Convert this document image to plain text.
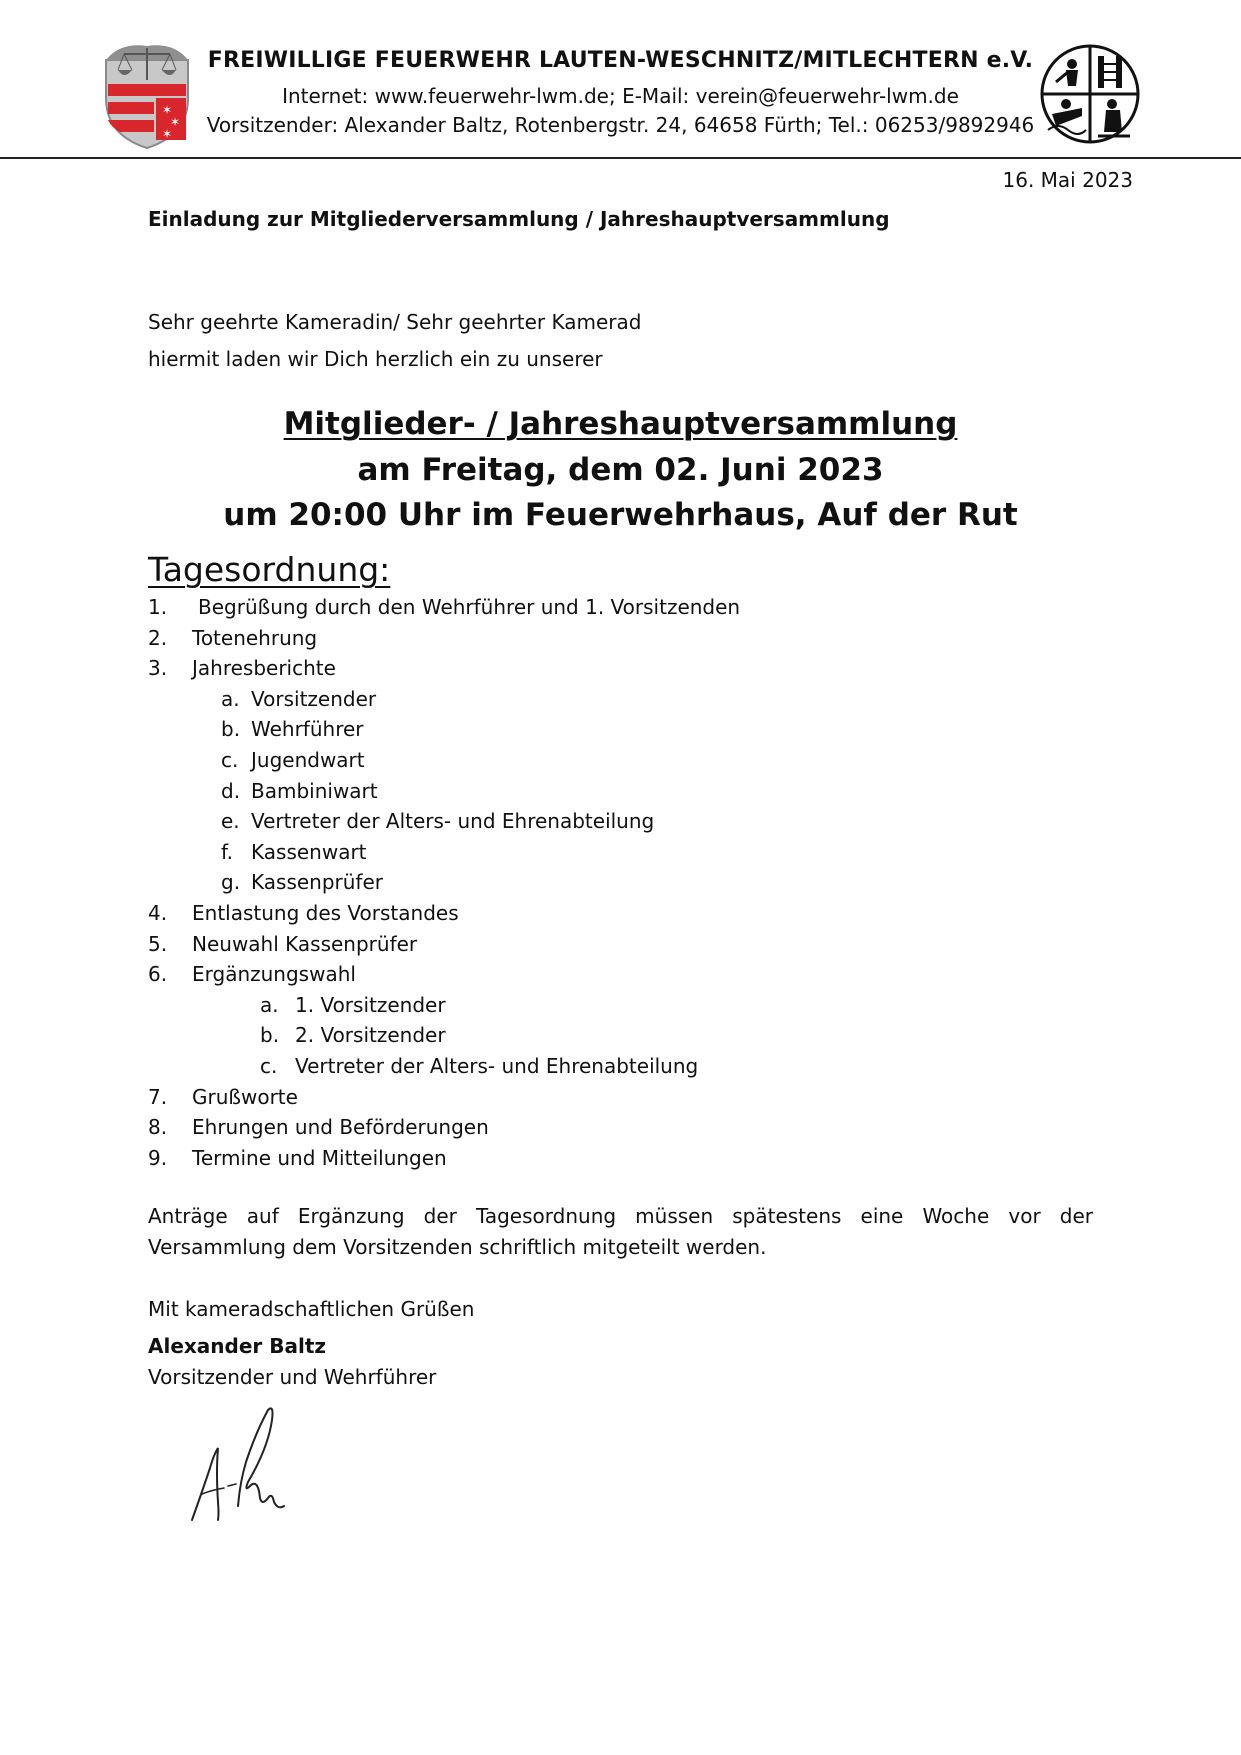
✶
✶
✶
FREIWILLIGE FEUERWEHR LAUTEN-WESCHNITZ/MITLECHTERN e.V.
Internet: www.feuerwehr-lwm.de; E-Mail: verein@feuerwehr-lwm.de
Vorsitzender: Alexander Baltz, Rotenbergstr. 24, 64658 Fürth; Tel.: 06253/9892946
16. Mai 2023
Einladung zur Mitgliederversammlung / Jahreshauptversammlung
Sehr geehrte Kameradin/ Sehr geehrter Kamerad
hiermit laden wir Dich herzlich ein zu unserer
Mitglieder- / Jahreshauptversammlung
am Freitag, dem 02. Juni 2023
um 20:00 Uhr im Feuerwehrhaus, Auf der Rut
Tagesordnung:
1. Begrüßung durch den Wehrführer und 1. Vorsitzenden
2. Totenehrung
3. Jahresberichte
a. Vorsitzender
b. Wehrführer
c. Jugendwart
d. Bambiniwart
e. Vertreter der Alters- und Ehrenabteilung
f. Kassenwart
g. Kassenprüfer
4. Entlastung des Vorstandes
5. Neuwahl Kassenprüfer
6. Ergänzungswahl
a. 1. Vorsitzender
b. 2. Vorsitzender
c. Vertreter der Alters- und Ehrenabteilung
7. Grußworte
8. Ehrungen und Beförderungen
9. Termine und Mitteilungen
Anträge auf Ergänzung der Tagesordnung müssen spätestens eine Woche vor der Versammlung dem Vorsitzenden schriftlich mitgeteilt werden.
Mit kameradschaftlichen Grüßen
Alexander Baltz
Vorsitzender und Wehrführer
